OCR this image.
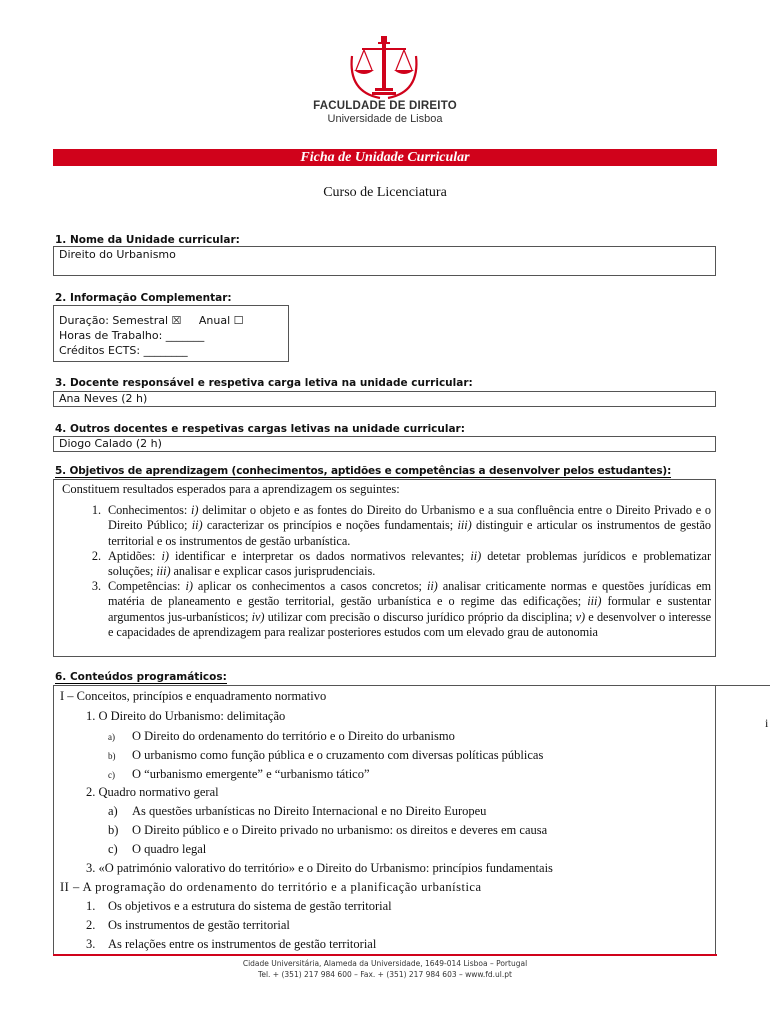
FACULDADE DE DIREITO
Universidade de Lisboa
Ficha de Unidade Curricular
Curso de Licenciatura
1. Nome da Unidade curricular:
Direito do Urbanismo
2. Informação Complementar:
Duração: Semestral ☒ Anual ☐
Horas de Trabalho: _______
Créditos ECTS: ________
3. Docente responsável e respetiva carga letiva na unidade curricular:
Ana Neves (2 h)
4. Outros docentes e respetivas cargas letivas na unidade curricular:
Diogo Calado (2 h)
5. Objetivos de aprendizagem (conhecimentos, aptidões e competências a desenvolver pelos estudantes):
Constituem resultados esperados para a aprendizagem os seguintes:
1. Conhecimentos: i) delimitar o objeto e as fontes do Direito do Urbanismo e a sua confluência entre o Direito Privado e o Direito Público; ii) caracterizar os princípios e noções fundamentais; iii) distinguir e articular os instrumentos de gestão territorial e os instrumentos de gestão urbanística.
2. Aptidões: i) identificar e interpretar os dados normativos relevantes; ii) detetar problemas jurídicos e problematizar soluções; iii) analisar e explicar casos jurisprudenciais.
3. Competências: i) aplicar os conhecimentos a casos concretos; ii) analisar criticamente normas e questões jurídicas em matéria de planeamento e gestão territorial, gestão urbanística e o regime das edificações; iii) formular e sustentar argumentos jus-urbanísticos; iv) utilizar com precisão o discurso jurídico próprio da disciplina; v) e desenvolver o interesse e capacidades de aprendizagem para realizar posteriores estudos com um elevado grau de autonomia
6. Conteúdos programáticos:
i
I – Conceitos, princípios e enquadramento normativo
1. O Direito do Urbanismo: delimitação
a) O Direito do ordenamento do território e o Direito do urbanismo
b) O urbanismo como função pública e o cruzamento com diversas políticas públicas
c) O “urbanismo emergente” e “urbanismo tático”
2. Quadro normativo geral
a) As questões urbanísticas no Direito Internacional e no Direito Europeu
b) O Direito público e o Direito privado no urbanismo: os direitos e deveres em causa
c) O quadro legal
3. «O património valorativo do território» e o Direito do Urbanismo: princípios fundamentais
II – A programação do ordenamento do território e a planificação urbanística
1. Os objetivos e a estrutura do sistema de gestão territorial
2. Os instrumentos de gestão territorial
3. As relações entre os instrumentos de gestão territorial
Cidade Universitária, Alameda da Universidade, 1649-014 Lisboa – Portugal
Tel. + (351) 217 984 600 – Fax. + (351) 217 984 603 – www.fd.ul.pt
